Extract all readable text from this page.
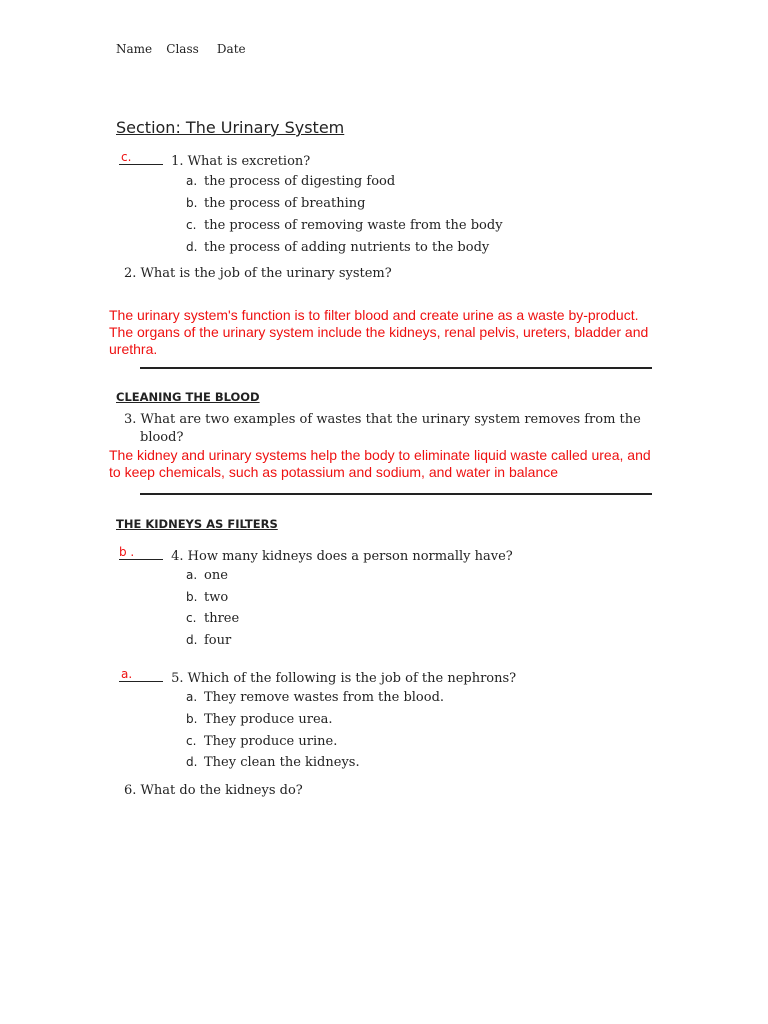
Name Class Date
Section: The Urinary System
c.	1. What is excretion?
a. the process of digesting food
b. the process of breathing
c. the process of removing waste from the body
d. the process of adding nutrients to the body
2. What is the job of the urinary system?
The urinary system's function is to filter blood and create urine as a waste by-product.
The organs of the urinary system include the kidneys, renal pelvis, ureters, bladder and
urethra.
CLEANING THE BLOOD
3. What are two examples of wastes that the urinary system removes from the
blood?
The kidney and urinary systems help the body to eliminate liquid waste called urea, and
to keep chemicals, such as potassium and sodium, and water in balance
THE KIDNEYS AS FILTERS
b .	4. How many kidneys does a person normally have?
a. one
b. two
c. three
d. four
a.	5. Which of the following is the job of the nephrons?
a. They remove wastes from the blood.
b. They produce urea.
c. They produce urine.
d. They clean the kidneys.
6. What do the kidneys do?
